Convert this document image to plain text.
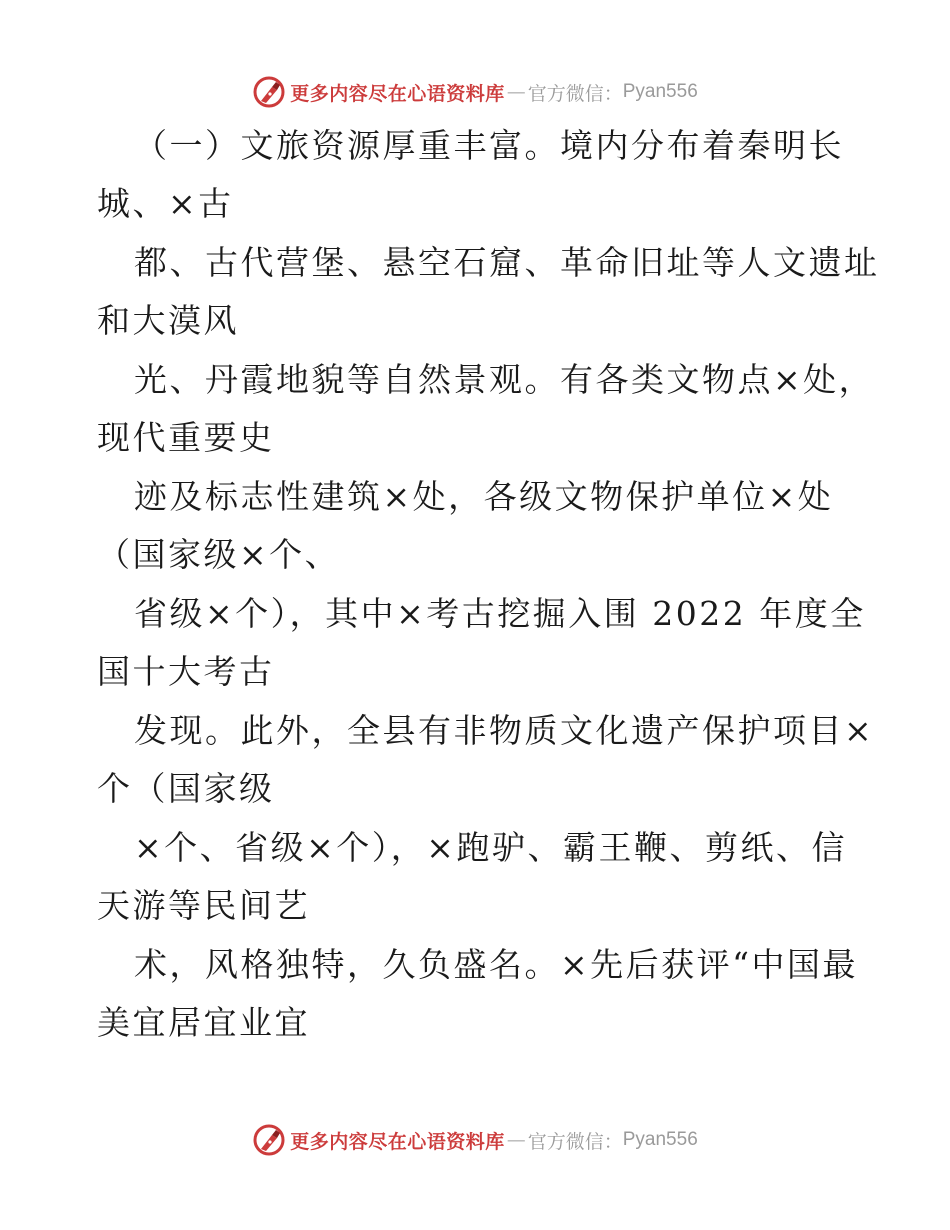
更多内容尽在心语资料库 — 官方微信： Pyan556
（一）文旅资源厚重丰富。境内分布着秦明长
城、×古
都、古代营堡、悬空石窟、革命旧址等人文遗址
和大漠风
光、丹霞地貌等自然景观。有各类文物点×处，
现代重要史
迹及标志性建筑×处，各级文物保护单位×处
（国家级×个、
省级×个），其中×考古挖掘入围 2022 年度全
国十大考古
发现。此外，全县有非物质文化遗产保护项目×
个（国家级
×个、省级×个），×跑驴、霸王鞭、剪纸、信
天游等民间艺
术，风格独特，久负盛名。×先后获评“中国最
美宜居宜业宜
更多内容尽在心语资料库 — 官方微信： Pyan556
